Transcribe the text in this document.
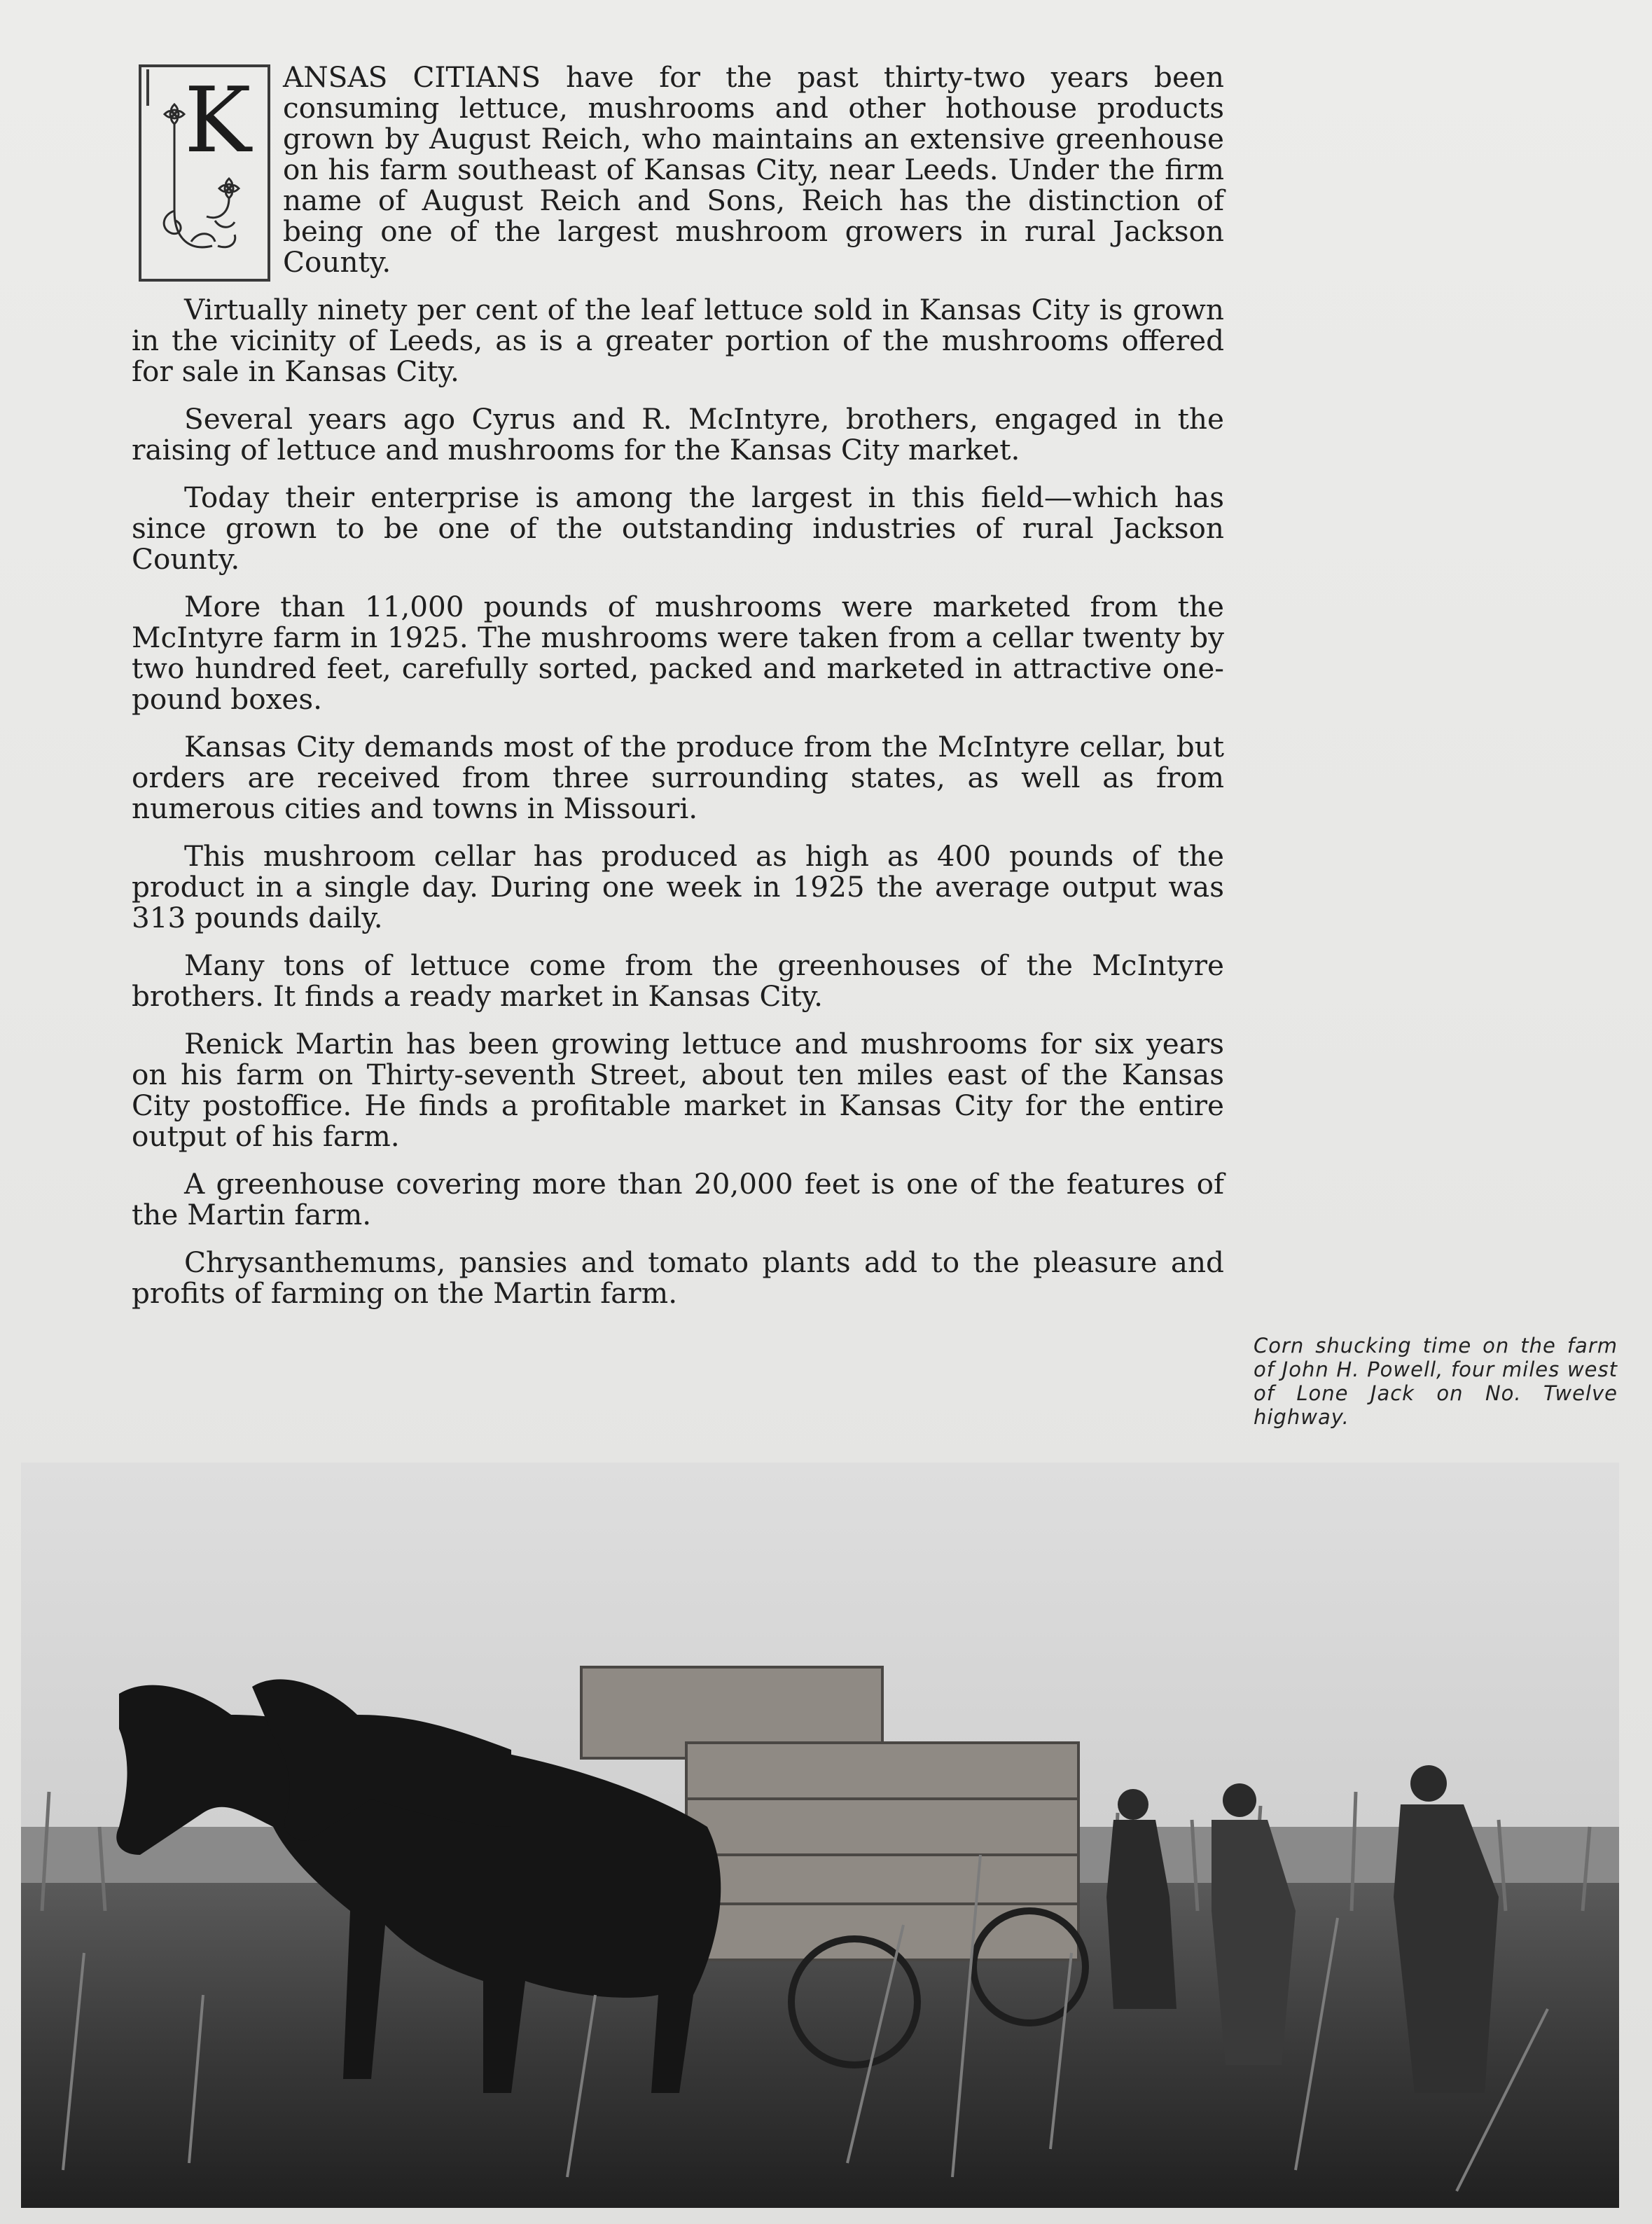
K ANSAS CITIANS have for the past thirty-two years been consuming lettuce, mushrooms and other hothouse products grown by August Reich, who maintains an extensive greenhouse on his farm southeast of Kansas City, near Leeds. Under the firm name of August Reich and Sons, Reich has the distinction of being one of the largest mushroom growers in rural Jackson County.

Virtually ninety per cent of the leaf lettuce sold in Kansas City is grown in the vicinity of Leeds, as is a greater portion of the mushrooms offered for sale in Kansas City.

Several years ago Cyrus and R. McIntyre, brothers, engaged in the raising of lettuce and mushrooms for the Kansas City market.

Today their enterprise is among the largest in this field—which has since grown to be one of the outstanding industries of rural Jackson County.

More than 11,000 pounds of mushrooms were marketed from the McIntyre farm in 1925. The mushrooms were taken from a cellar twenty by two hundred feet, carefully sorted, packed and marketed in attractive one-pound boxes.

Kansas City demands most of the produce from the McIntyre cellar, but orders are received from three surrounding states, as well as from numerous cities and towns in Missouri.

This mushroom cellar has produced as high as 400 pounds of the product in a single day. During one week in 1925 the average output was 313 pounds daily.

Many tons of lettuce come from the greenhouses of the McIntyre brothers. It finds a ready market in Kansas City.

Renick Martin has been growing lettuce and mushrooms for six years on his farm on Thirty-seventh Street, about ten miles east of the Kansas City postoffice. He finds a profitable market in Kansas City for the entire output of his farm.

A greenhouse covering more than 20,000 feet is one of the features of the Martin farm.

Chrysanthemums, pansies and tomato plants add to the pleasure and profits of farming on the Martin farm.

Corn shucking time on the farm of John H. Powell, four miles west of Lone Jack on No. Twelve highway.
